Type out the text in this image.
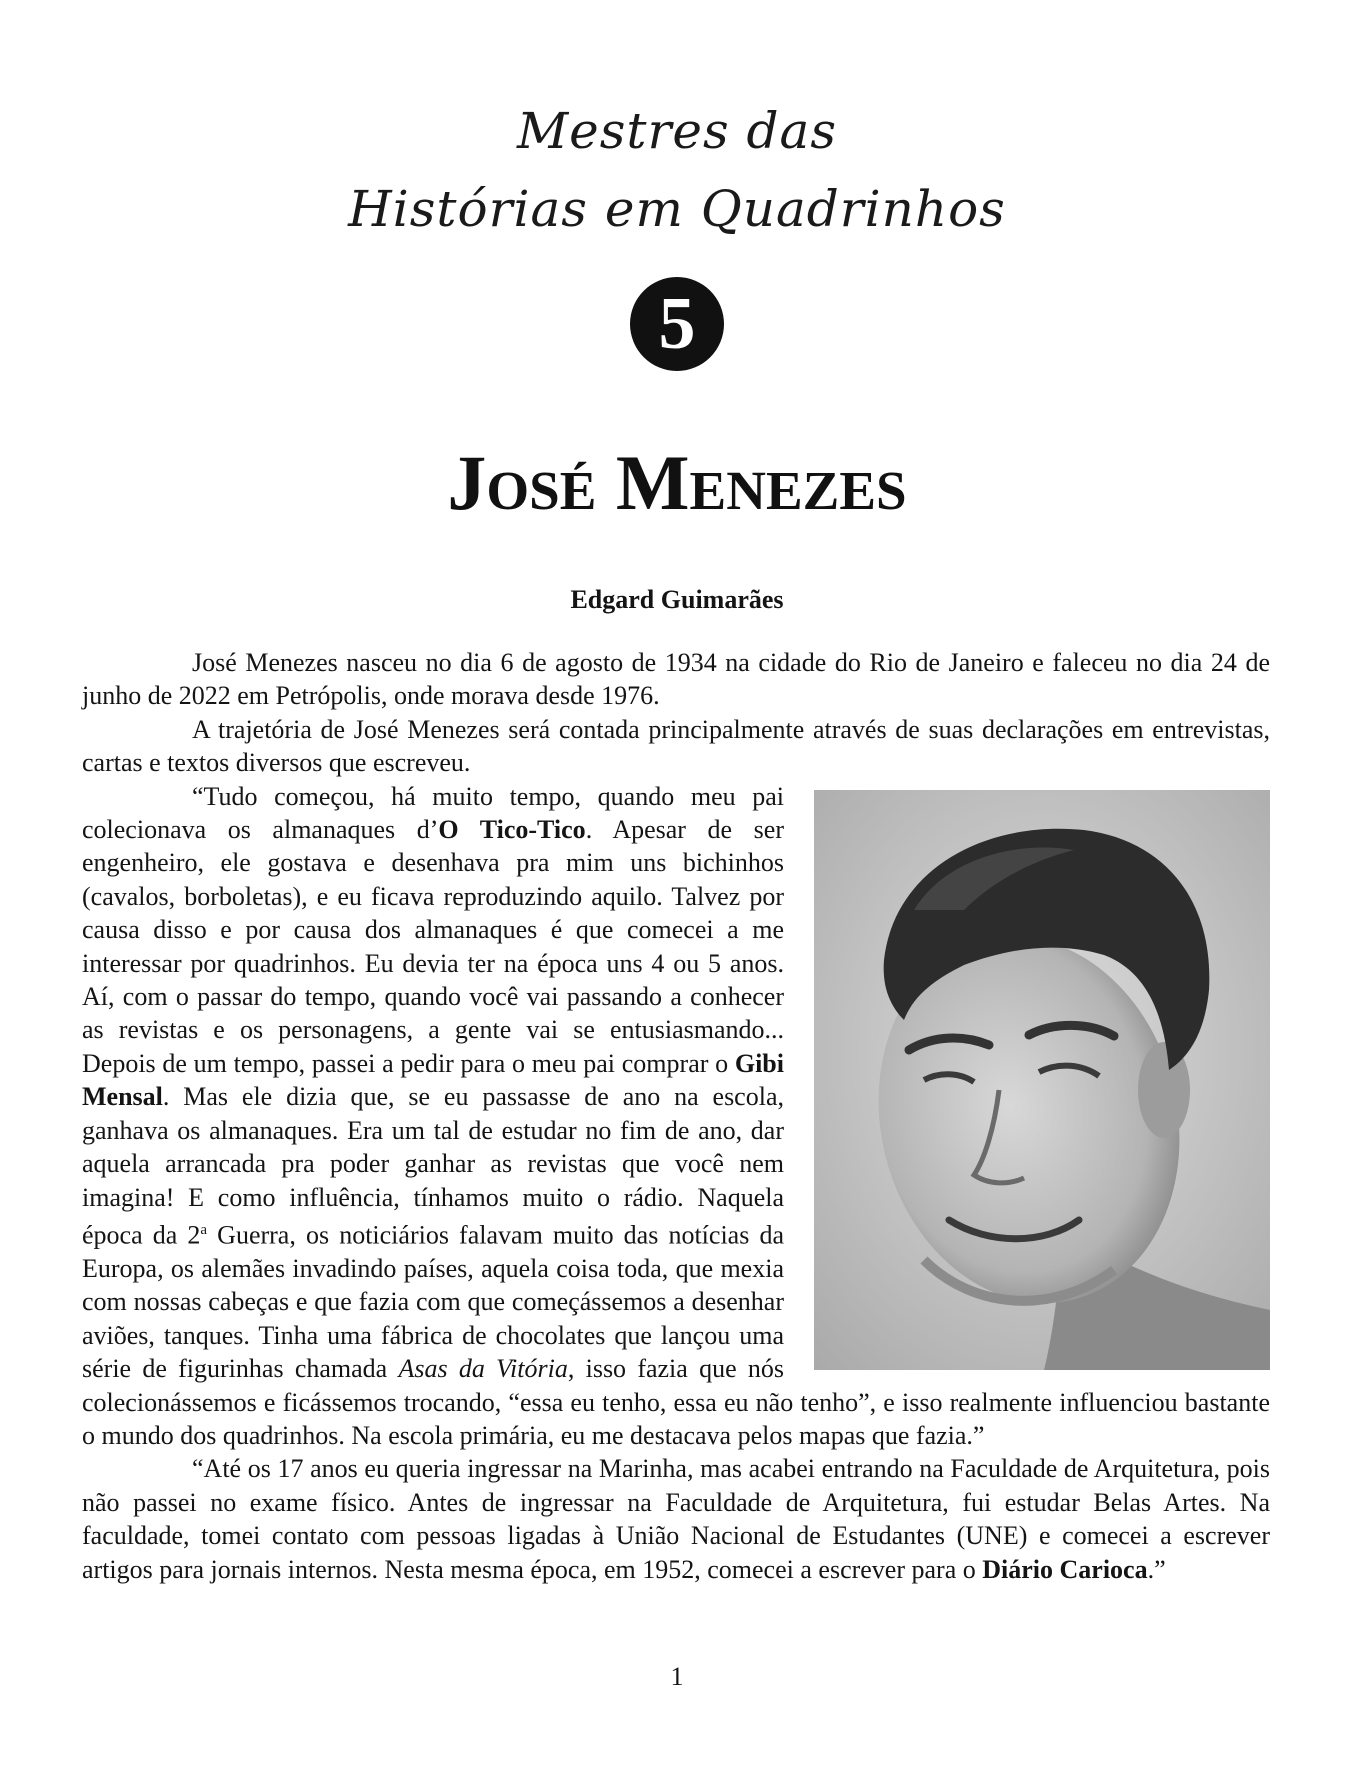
Mestres das
Histórias em Quadrinhos
5
José Menezes
Edgard Guimarães

José Menezes nasceu no dia 6 de agosto de 1934 na cidade do Rio de Janeiro e faleceu no dia 24 de junho de 2022 em Petrópolis, onde morava desde 1976.

A trajetória de José Menezes será contada principalmente através de suas declarações em entrevistas, cartas e textos diversos que escreveu.

“Tudo começou, há muito tempo, quando meu pai colecionava os almanaques d’O Tico-Tico. Apesar de ser engenheiro, ele gostava e desenhava pra mim uns bichinhos (cavalos, borboletas), e eu ficava reproduzindo aquilo. Talvez por causa disso e por causa dos almanaques é que comecei a me interessar por quadrinhos. Eu devia ter na época uns 4 ou 5 anos. Aí, com o passar do tempo, quando você vai passando a conhecer as revistas e os personagens, a gente vai se entusiasmando... Depois de um tempo, passei a pedir para o meu pai comprar o Gibi Mensal. Mas ele dizia que, se eu passasse de ano na escola, ganhava os almanaques. Era um tal de estudar no fim de ano, dar aquela arrancada pra poder ganhar as revistas que você nem imagina! E como influência, tínhamos muito o rádio. Naquela época da 2$^a$ Guerra, os noticiários falavam muito das notícias da Europa, os alemães invadindo países, aquela coisa toda, que mexia com nossas cabeças e que fazia com que começássemos a desenhar aviões, tanques. Tinha uma fábrica de chocolates que lançou uma série de figurinhas chamada Asas da Vitória, isso fazia que nós colecionássemos e ficássemos trocando, “essa eu tenho, essa eu não tenho”, e isso realmente influenciou bastante o mundo dos quadrinhos. Na escola primária, eu me destacava pelos mapas que fazia.”

“Até os 17 anos eu queria ingressar na Marinha, mas acabei entrando na Faculdade de Arquitetura, pois não passei no exame físico. Antes de ingressar na Faculdade de Arquitetura, fui estudar Belas Artes. Na faculdade, tomei contato com pessoas ligadas à União Nacional de Estudantes (UNE) e comecei a escrever artigos para jornais internos. Nesta mesma época, em 1952, comecei a escrever para o Diário Carioca.”

1
